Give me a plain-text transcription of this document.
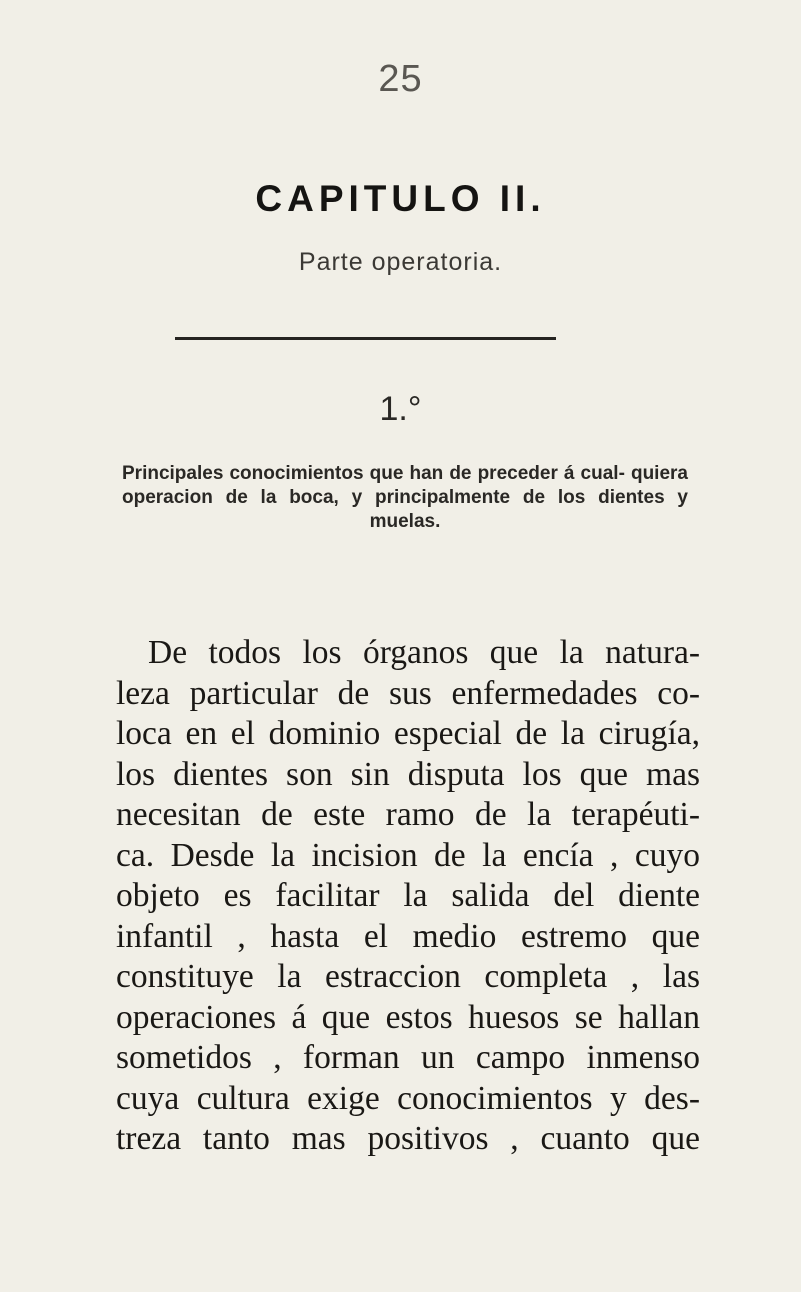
25
CAPITULO II.
Parte operatoria.
1.°
Principales conocimientos que han de preceder á cual- quiera operacion de la boca, y principalmente de los dientes y muelas.
De todos los órganos que la natura-
leza particular de sus enfermedades co-
loca en el dominio especial de la cirugía,
los dientes son sin disputa los que mas
necesitan de este ramo de la terapéuti-
ca. Desde la incision de la encía , cuyo
objeto es facilitar la salida del diente
infantil , hasta el medio estremo que
constituye la estraccion completa , las
operaciones á que estos huesos se hallan
sometidos , forman un campo inmenso
cuya cultura exige conocimientos y des-
treza tanto mas positivos , cuanto que
